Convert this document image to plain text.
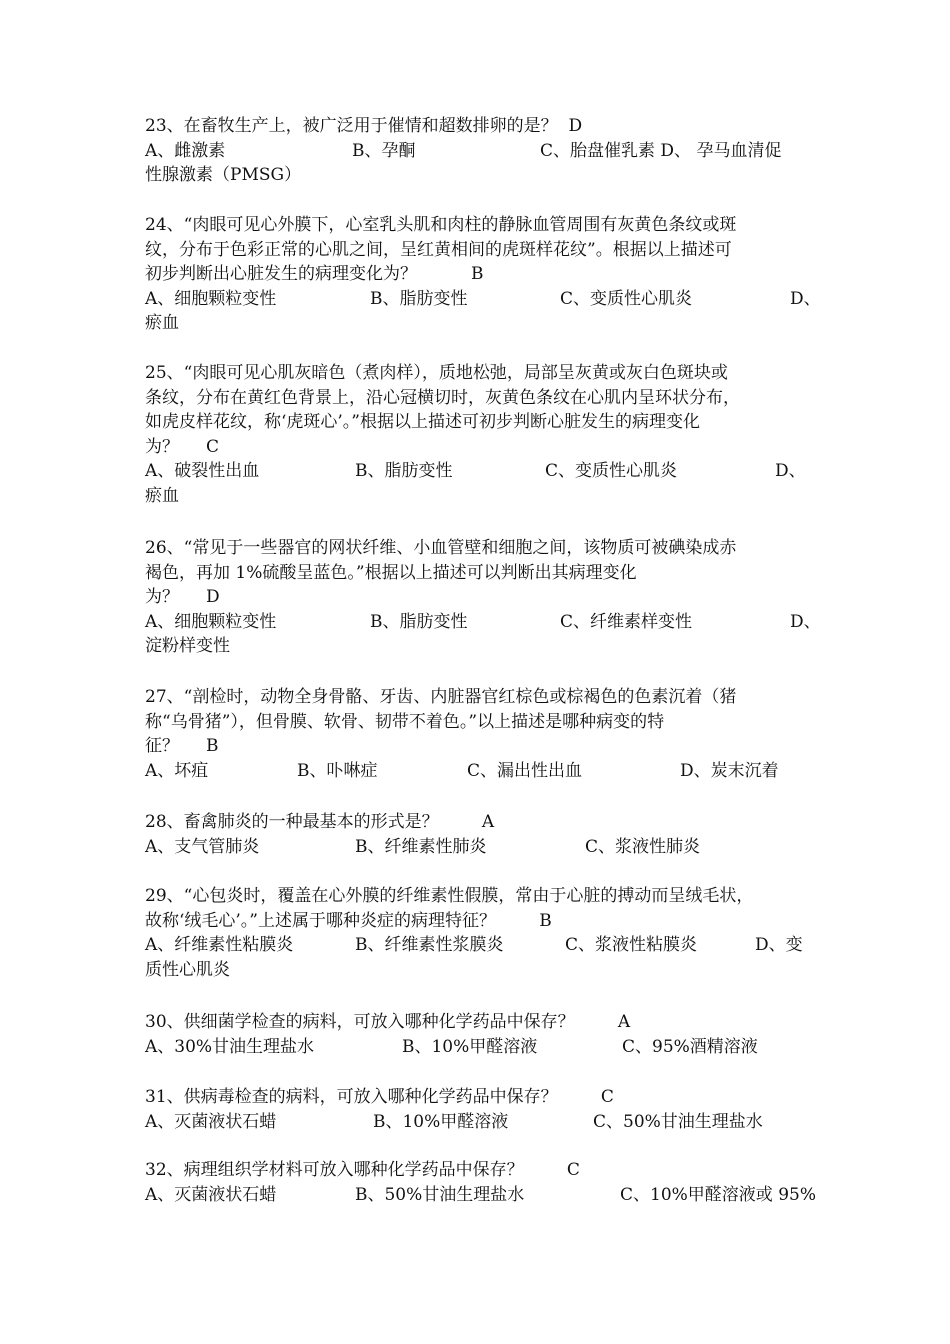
23、在畜牧生产上，被广泛用于催情和超数排卵的是？  D
A、雌激素	B、孕酮	C、胎盘催乳素 D、 孕马血清促
性腺激素（PMSG）
24、“肉眼可见心外膜下，心室乳头肌和肉柱的静脉血管周围有灰黄色条纹或斑
纹，分布于色彩正常的心肌之间，呈红黄相间的虎斑样花纹”。根据以上描述可
初步判断出心脏发生的病理变化为？          B
A、细胞颗粒变性	B、脂肪变性	C、变质性心肌炎	D、
瘀血
25、“肉眼可见心肌灰暗色（煮肉样），质地松弛，局部呈灰黄或灰白色斑块或
条纹，分布在黄红色背景上，沿心冠横切时，灰黄色条纹在心肌内呈环状分布，
如虎皮样花纹，称‘虎斑心’。”根据以上描述可初步判断心脏发生的病理变化
为？     C
A、破裂性出血	B、脂肪变性	C、变质性心肌炎	D、
瘀血
26、“常见于一些器官的网状纤维、小血管壁和细胞之间，该物质可被碘染成赤
褐色，再加 1%硫酸呈蓝色。”根据以上描述可以判断出其病理变化
为？     D
A、细胞颗粒变性	B、脂肪变性	C、纤维素样变性	D、
淀粉样变性
27、“剖检时，动物全身骨骼、牙齿、内脏器官红棕色或棕褐色的色素沉着（猪
称“乌骨猪”），但骨膜、软骨、韧带不着色。”以上描述是哪种病变的特
征？     B
A、坏疽	B、卟啉症	C、漏出性出血	D、炭末沉着
28、畜禽肺炎的一种最基本的形式是？        A
A、支气管肺炎	B、纤维素性肺炎	C、浆液性肺炎
29、“心包炎时，覆盖在心外膜的纤维素性假膜，常由于心脏的搏动而呈绒毛状，
故称‘绒毛心’。”上述属于哪种炎症的病理特征？        B
A、纤维素性粘膜炎	B、纤维素性浆膜炎	C、浆液性粘膜炎	D、变
质性心肌炎
30、供细菌学检查的病料，可放入哪种化学药品中保存？        A
A、30%甘油生理盐水	B、10%甲醛溶液	C、95%酒精溶液
31、供病毒检查的病料，可放入哪种化学药品中保存？        C
A、灭菌液状石蜡	B、10%甲醛溶液	C、50%甘油生理盐水
32、病理组织学材料可放入哪种化学药品中保存？        C
A、灭菌液状石蜡	B、50%甘油生理盐水	C、10%甲醛溶液或 95%
